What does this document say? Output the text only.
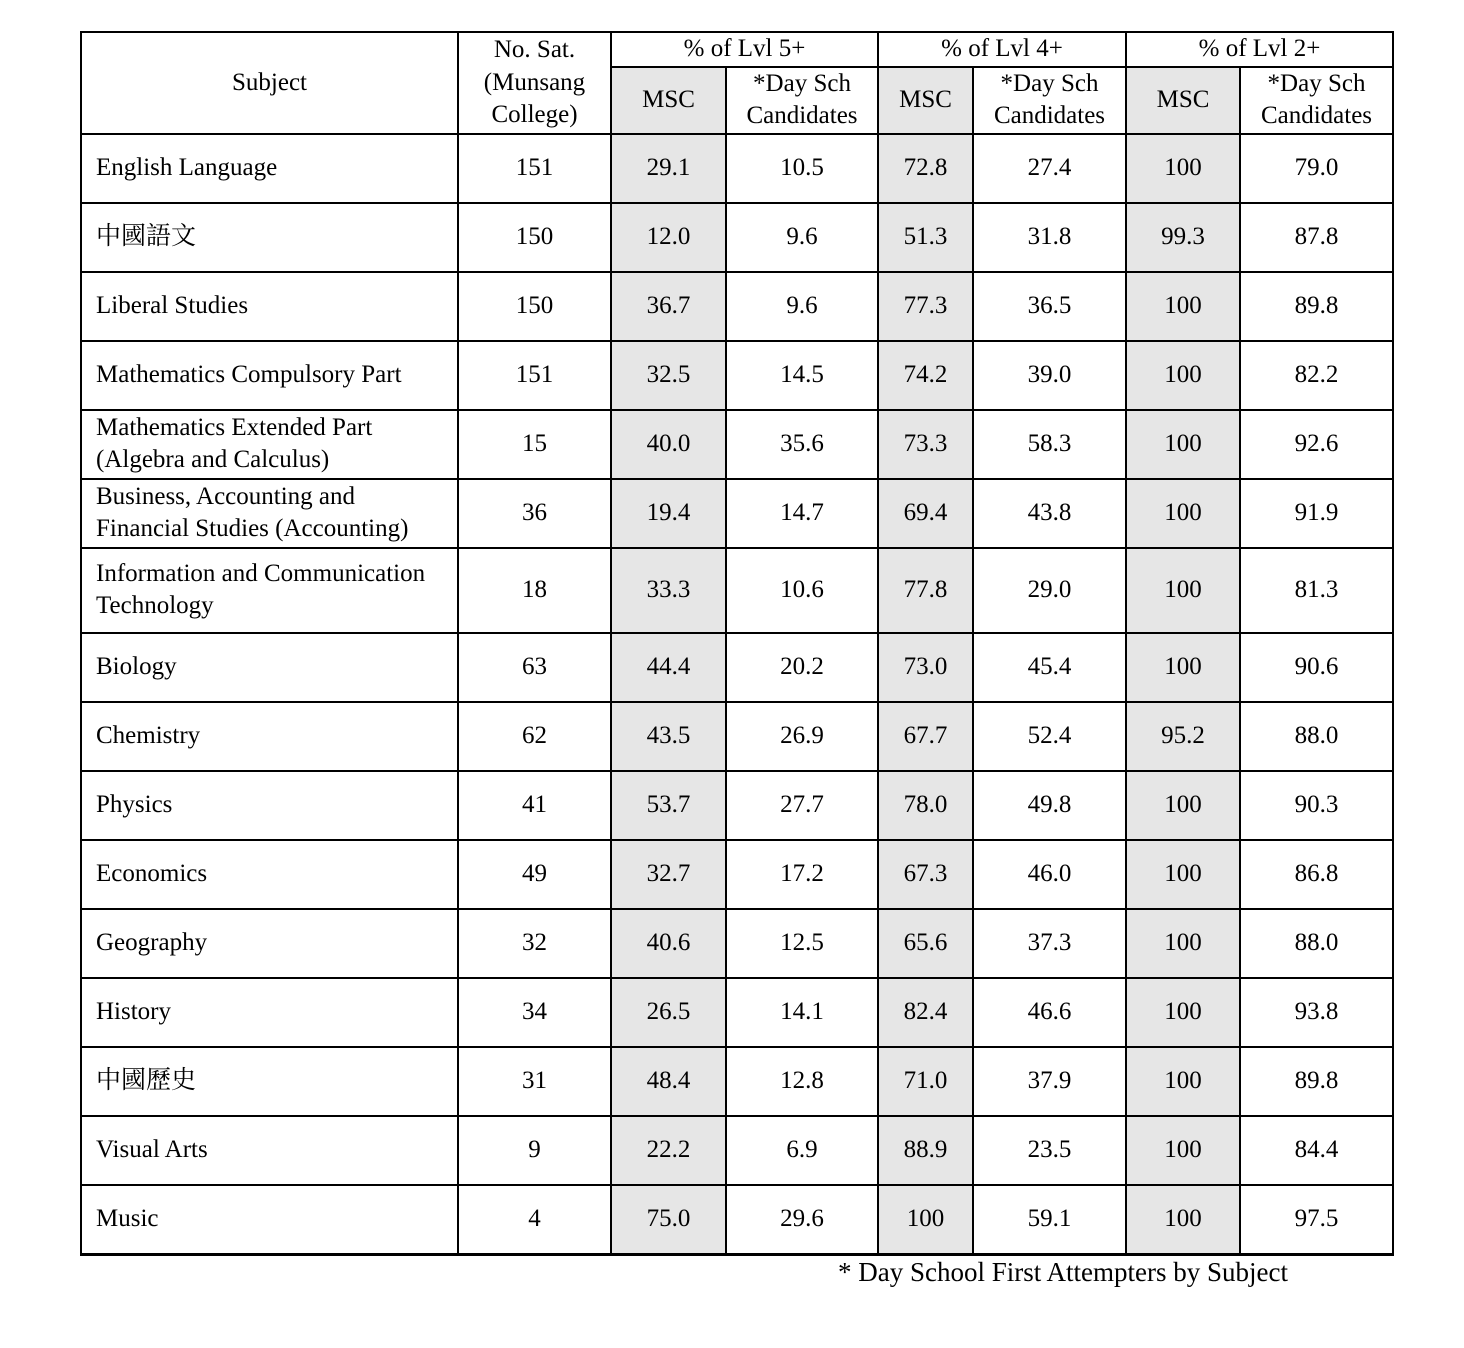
Subject	No. Sat. (Munsang College)	% of Lvl 5+		% of Lvl 4+		% of Lvl 2+	
		MSC	*Day Sch Candidates	MSC	*Day Sch Candidates	MSC	*Day Sch Candidates
English Language	151	29.1	10.5	72.8	27.4	100	79.0
中國語文	150	12.0	9.6	51.3	31.8	99.3	87.8
Liberal Studies	150	36.7	9.6	77.3	36.5	100	89.8
Mathematics Compulsory Part	151	32.5	14.5	74.2	39.0	100	82.2
Mathematics Extended Part (Algebra and Calculus)	15	40.0	35.6	73.3	58.3	100	92.6
Business, Accounting and Financial Studies (Accounting)	36	19.4	14.7	69.4	43.8	100	91.9
Information and Communication Technology	18	33.3	10.6	77.8	29.0	100	81.3
Biology	63	44.4	20.2	73.0	45.4	100	90.6
Chemistry	62	43.5	26.9	67.7	52.4	95.2	88.0
Physics	41	53.7	27.7	78.0	49.8	100	90.3
Economics	49	32.7	17.2	67.3	46.0	100	86.8
Geography	32	40.6	12.5	65.6	37.3	100	88.0
History	34	26.5	14.1	82.4	46.6	100	93.8
中國歷史	31	48.4	12.8	71.0	37.9	100	89.8
Visual Arts	9	22.2	6.9	88.9	23.5	100	84.4
Music	4	75.0	29.6	100	59.1	100	97.5
* Day School First Attempters by Subject
